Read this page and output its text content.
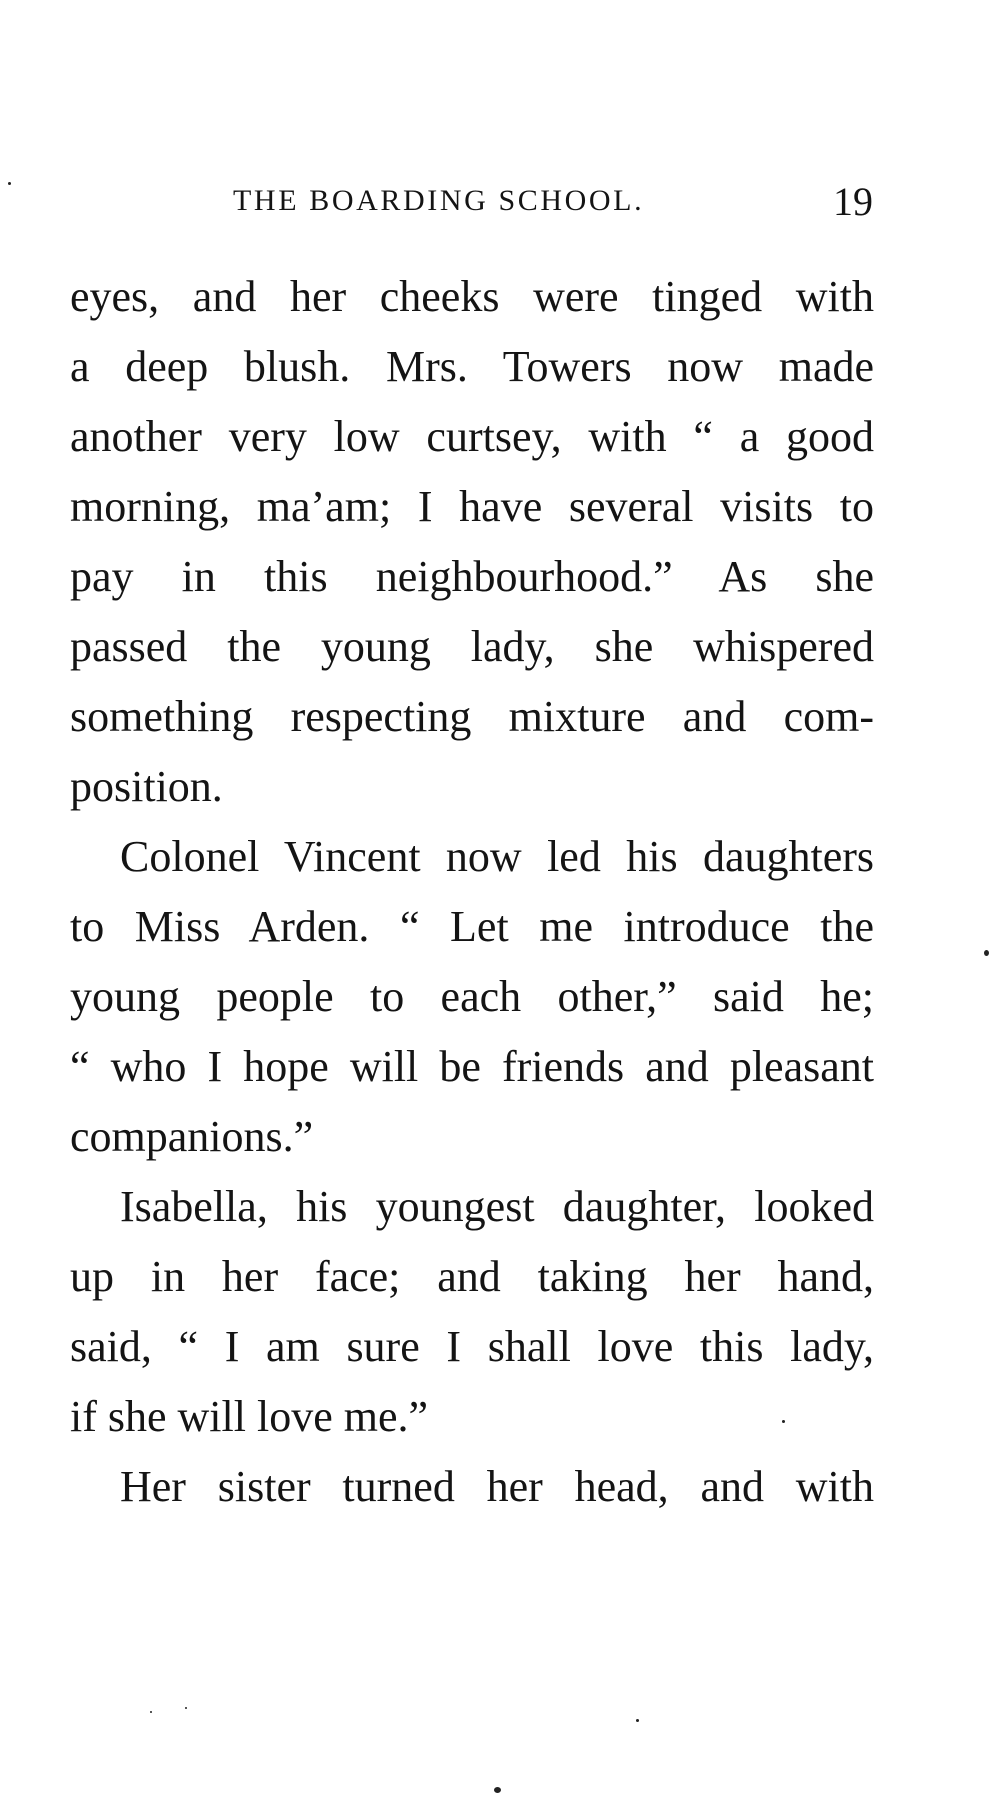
THE BOARDING SCHOOL.	19
eyes, and her cheeks were tinged with
a deep blush. Mrs. Towers now made
another very low curtsey, with “ a good
morning, ma’am; I have several visits to
pay in this neighbourhood.” As she
passed the young lady, she whispered
something respecting mixture and com-
position.
Colonel Vincent now led his daughters
to Miss Arden. “ Let me introduce the
young people to each other,” said he;
“ who I hope will be friends and pleasant
companions.”
Isabella, his youngest daughter, looked
up in her face; and taking her hand,
said, “ I am sure I shall love this lady,
if she will love me.”
Her sister turned her head, and with
